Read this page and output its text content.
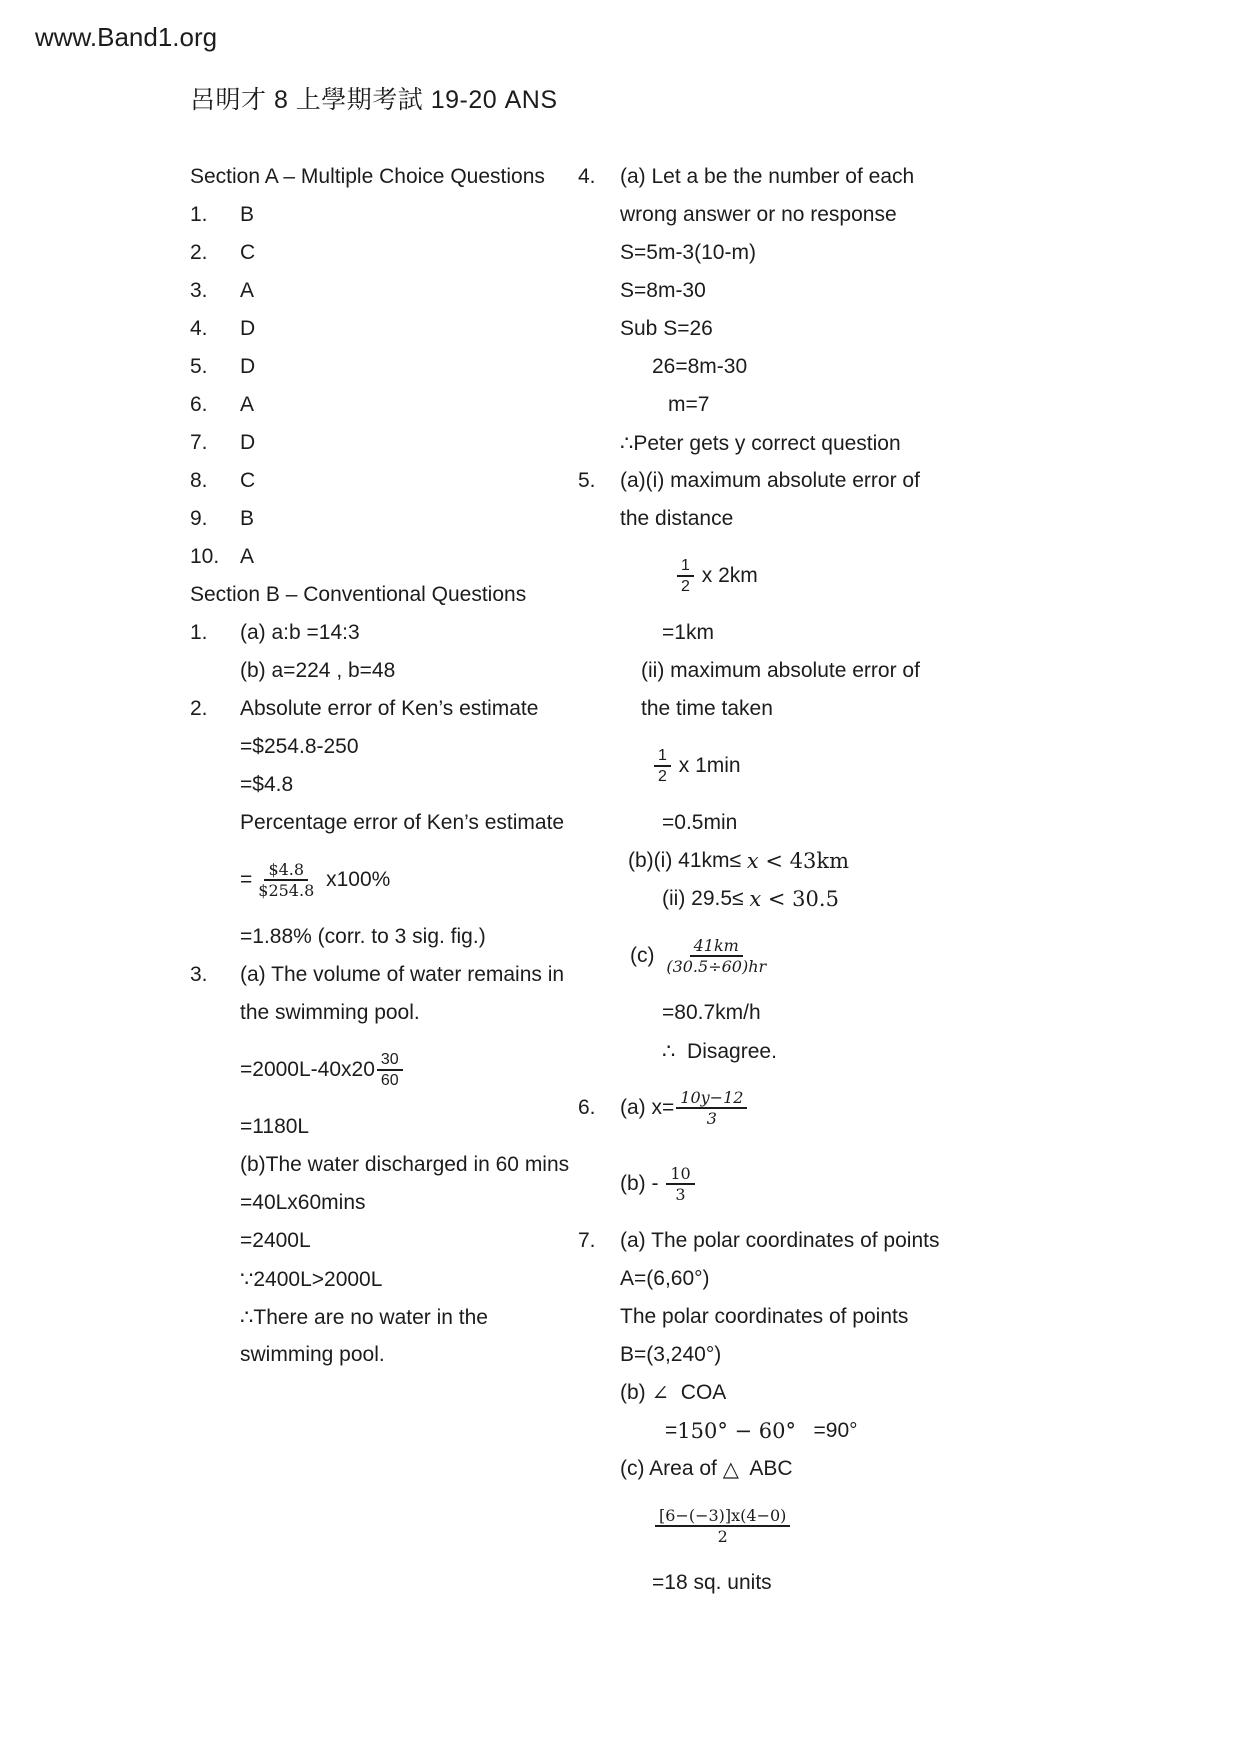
www.Band1.org
呂明才 8 上學期考試 19-20 ANS
Section A – Multiple Choice Questions
1.	B
2.	C
3.	A
4.	D
5.	D
6.	A
7.	D
8.	C
9.	B
10. A
Section B – Conventional Questions
1.	(a) a:b =14:3
(b) a=224 , b=48
2.	Absolute error of Ken’s estimate
=$254.8-250
=$4.8
Percentage error of Ken’s estimate
= $\frac{\$4.8}{\$254.8} x100\%$
=1.88% (corr. to 3 sig. fig.)
3.	(a) The volume of water remains in
the swimming pool.
$=2000L-40x20 \frac{30}{60}$
=1180L
(b)The water discharged in 60 mins
=40Lx60mins
=2400L
∵2400L>2000L
∴There are no water in the
swimming pool.
4.	(a) Let a be the number of each
wrong answer or no response
S=5m-3(10-m)
S=8m-30
Sub S=26
26=8m-30
m=7
∴Peter gets y correct question
5.	(a)(i) maximum absolute error of
the distance
$\frac{1}{2}$ x 2km
=1km
(ii) maximum absolute error of
the time taken
$\frac{1}{2}$ x 1min
=0.5min
(b)(i) 41km≤ x < 43km
(ii) 29.5≤ x < 30.5
$(c) \frac{41km}{(30.5\div 60)hr}$
=80.7km/h
∴  Disagree.
6.	(a) $x= \frac{10y-12}{3}$
$(b) - \frac{10}{3}$
7.	(a) The polar coordinates of points
A=(6,60°)
The polar coordinates of points
B=(3,240°)
(b) ∠ COA
= 150° − 60° =90°
(c) Area of △ ABC
$\frac{[6-(-3)]x(4-0)}{2}$
=18 sq. units
